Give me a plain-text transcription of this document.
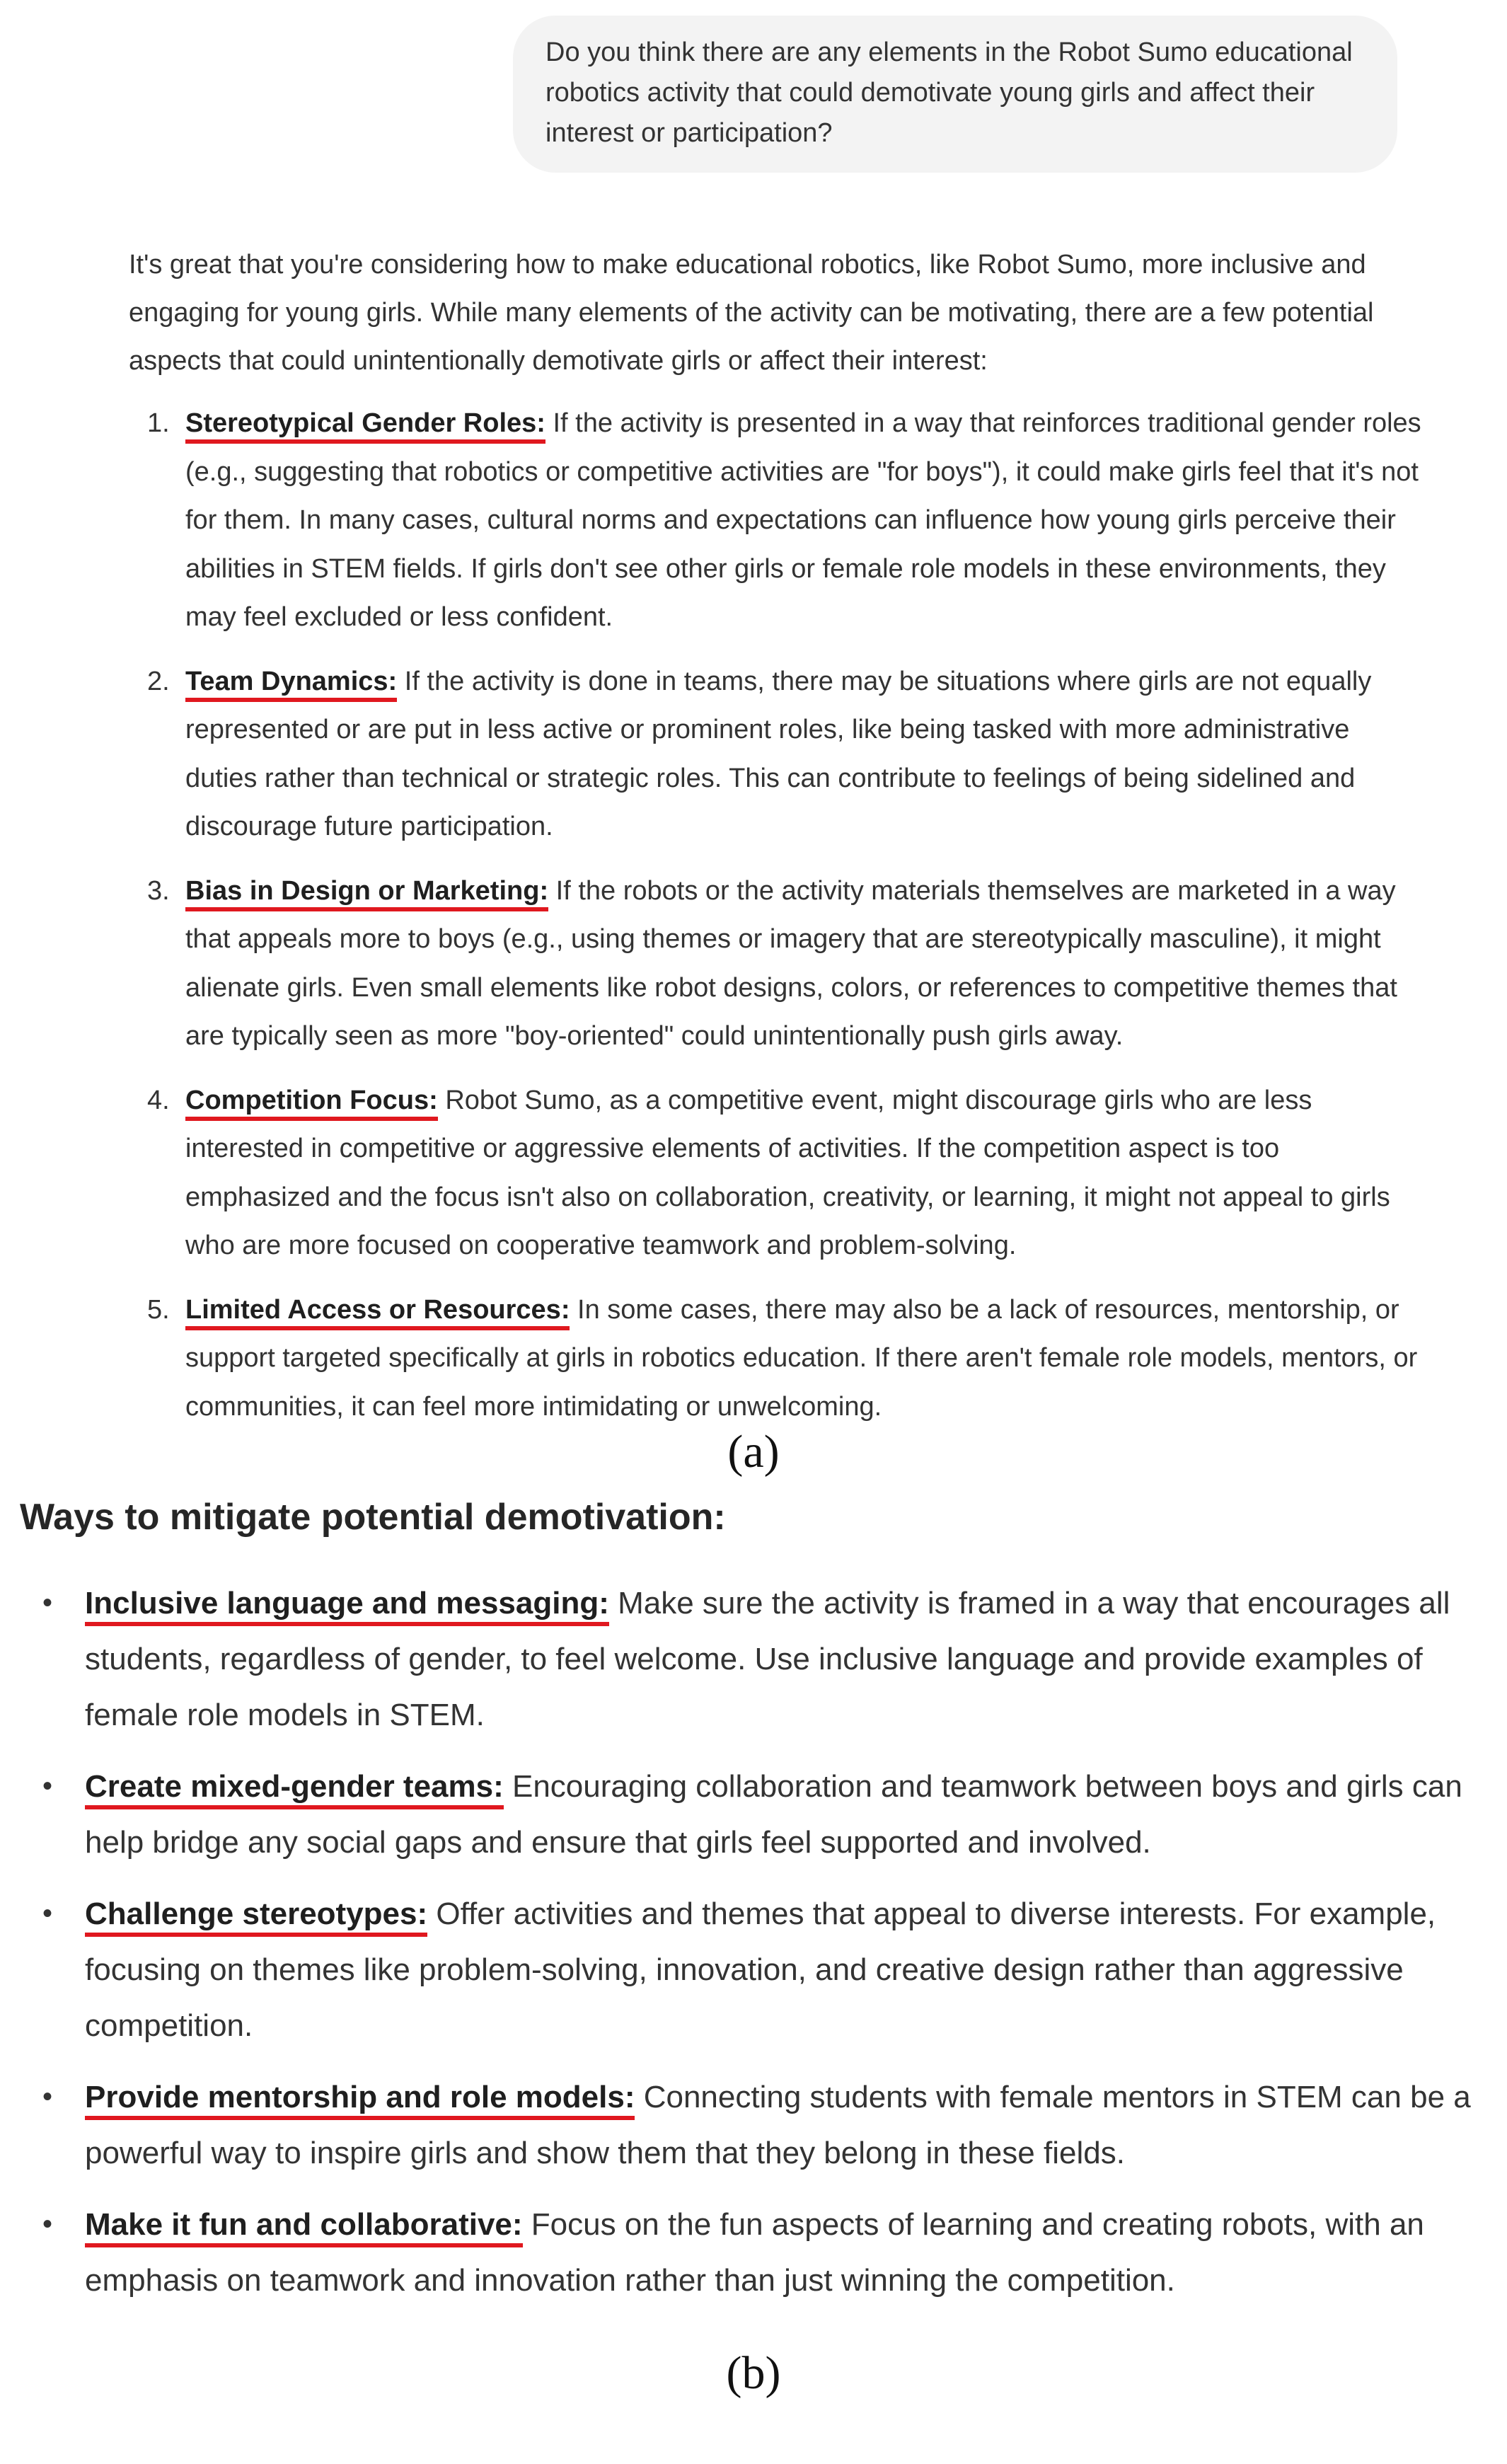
Do you think there are any elements in the Robot Sumo educational robotics activity that could demotivate young girls and affect their interest or participation?
It's great that you're considering how to make educational robotics, like Robot Sumo, more inclusive and engaging for young girls. While many elements of the activity can be motivating, there are a few potential aspects that could unintentionally demotivate girls or affect their interest:
1. Stereotypical Gender Roles: If the activity is presented in a way that reinforces traditional gender roles (e.g., suggesting that robotics or competitive activities are "for boys"), it could make girls feel that it's not for them. In many cases, cultural norms and expectations can influence how young girls perceive their abilities in STEM fields. If girls don't see other girls or female role models in these environments, they may feel excluded or less confident.
2. Team Dynamics: If the activity is done in teams, there may be situations where girls are not equally represented or are put in less active or prominent roles, like being tasked with more administrative duties rather than technical or strategic roles. This can contribute to feelings of being sidelined and discourage future participation.
3. Bias in Design or Marketing: If the robots or the activity materials themselves are marketed in a way that appeals more to boys (e.g., using themes or imagery that are stereotypically masculine), it might alienate girls. Even small elements like robot designs, colors, or references to competitive themes that are typically seen as more "boy-oriented" could unintentionally push girls away.
4. Competition Focus: Robot Sumo, as a competitive event, might discourage girls who are less interested in competitive or aggressive elements of activities. If the competition aspect is too emphasized and the focus isn't also on collaboration, creativity, or learning, it might not appeal to girls who are more focused on cooperative teamwork and problem-solving.
5. Limited Access or Resources: In some cases, there may also be a lack of resources, mentorship, or support targeted specifically at girls in robotics education. If there aren't female role models, mentors, or communities, it can feel more intimidating or unwelcoming.
(a)
Ways to mitigate potential demotivation:
• Inclusive language and messaging: Make sure the activity is framed in a way that encourages all students, regardless of gender, to feel welcome. Use inclusive language and provide examples of female role models in STEM.
• Create mixed-gender teams: Encouraging collaboration and teamwork between boys and girls can help bridge any social gaps and ensure that girls feel supported and involved.
• Challenge stereotypes: Offer activities and themes that appeal to diverse interests. For example, focusing on themes like problem-solving, innovation, and creative design rather than aggressive competition.
• Provide mentorship and role models: Connecting students with female mentors in STEM can be a powerful way to inspire girls and show them that they belong in these fields.
• Make it fun and collaborative: Focus on the fun aspects of learning and creating robots, with an emphasis on teamwork and innovation rather than just winning the competition.
(b)
